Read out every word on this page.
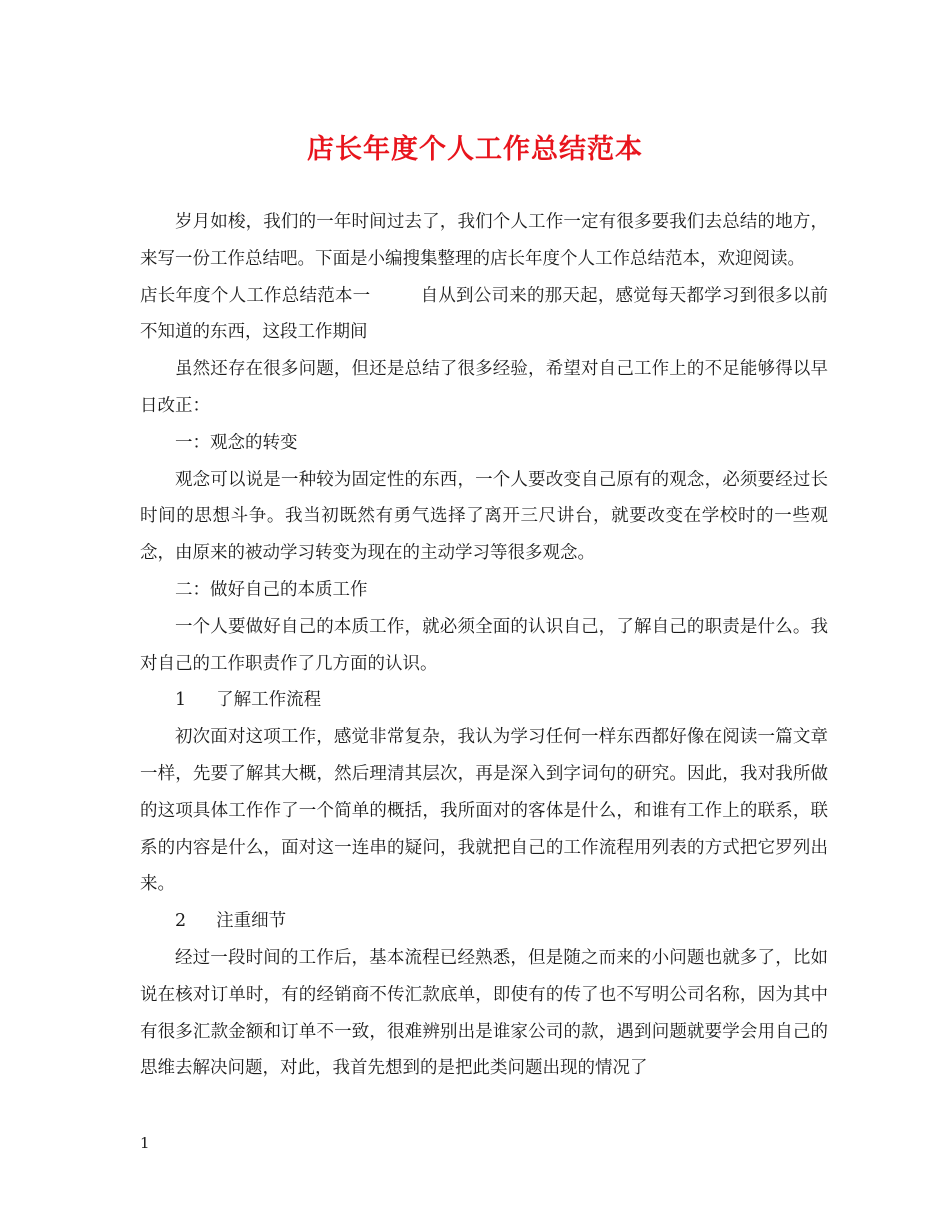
店长年度个人工作总结范本

岁月如梭，我们的一年时间过去了，我们个人工作一定有很多要我们去总结的地方，来写一份工作总结吧。下面是小编搜集整理的店长年度个人工作总结范本，欢迎阅读。

店长年度个人工作总结范本一	自从到公司来的那天起，感觉每天都学习到很多以前不知道的东西，这段工作期间

虽然还存在很多问题，但还是总结了很多经验，希望对自己工作上的不足能够得以早日改正：

一：观念的转变

观念可以说是一种较为固定性的东西，一个人要改变自己原有的观念，必须要经过长时间的思想斗争。我当初既然有勇气选择了离开三尺讲台，就要改变在学校时的一些观念，由原来的被动学习转变为现在的主动学习等很多观念。

二：做好自己的本质工作

一个人要做好自己的本质工作，就必须全面的认识自己，了解自己的职责是什么。我对自己的工作职责作了几方面的认识。

1 了解工作流程

初次面对这项工作，感觉非常复杂，我认为学习任何一样东西都好像在阅读一篇文章一样，先要了解其大概，然后理清其层次，再是深入到字词句的研究。因此，我对我所做的这项具体工作作了一个简单的概括，我所面对的客体是什么，和谁有工作上的联系，联系的内容是什么，面对这一连串的疑问，我就把自己的工作流程用列表的方式把它罗列出来。

2 注重细节

经过一段时间的工作后，基本流程已经熟悉，但是随之而来的小问题也就多了，比如说在核对订单时，有的经销商不传汇款底单，即使有的传了也不写明公司名称，因为其中有很多汇款金额和订单不一致，很难辨别出是谁家公司的款，遇到问题就要学会用自己的思维去解决问题，对此，我首先想到的是把此类问题出现的情况了

1
